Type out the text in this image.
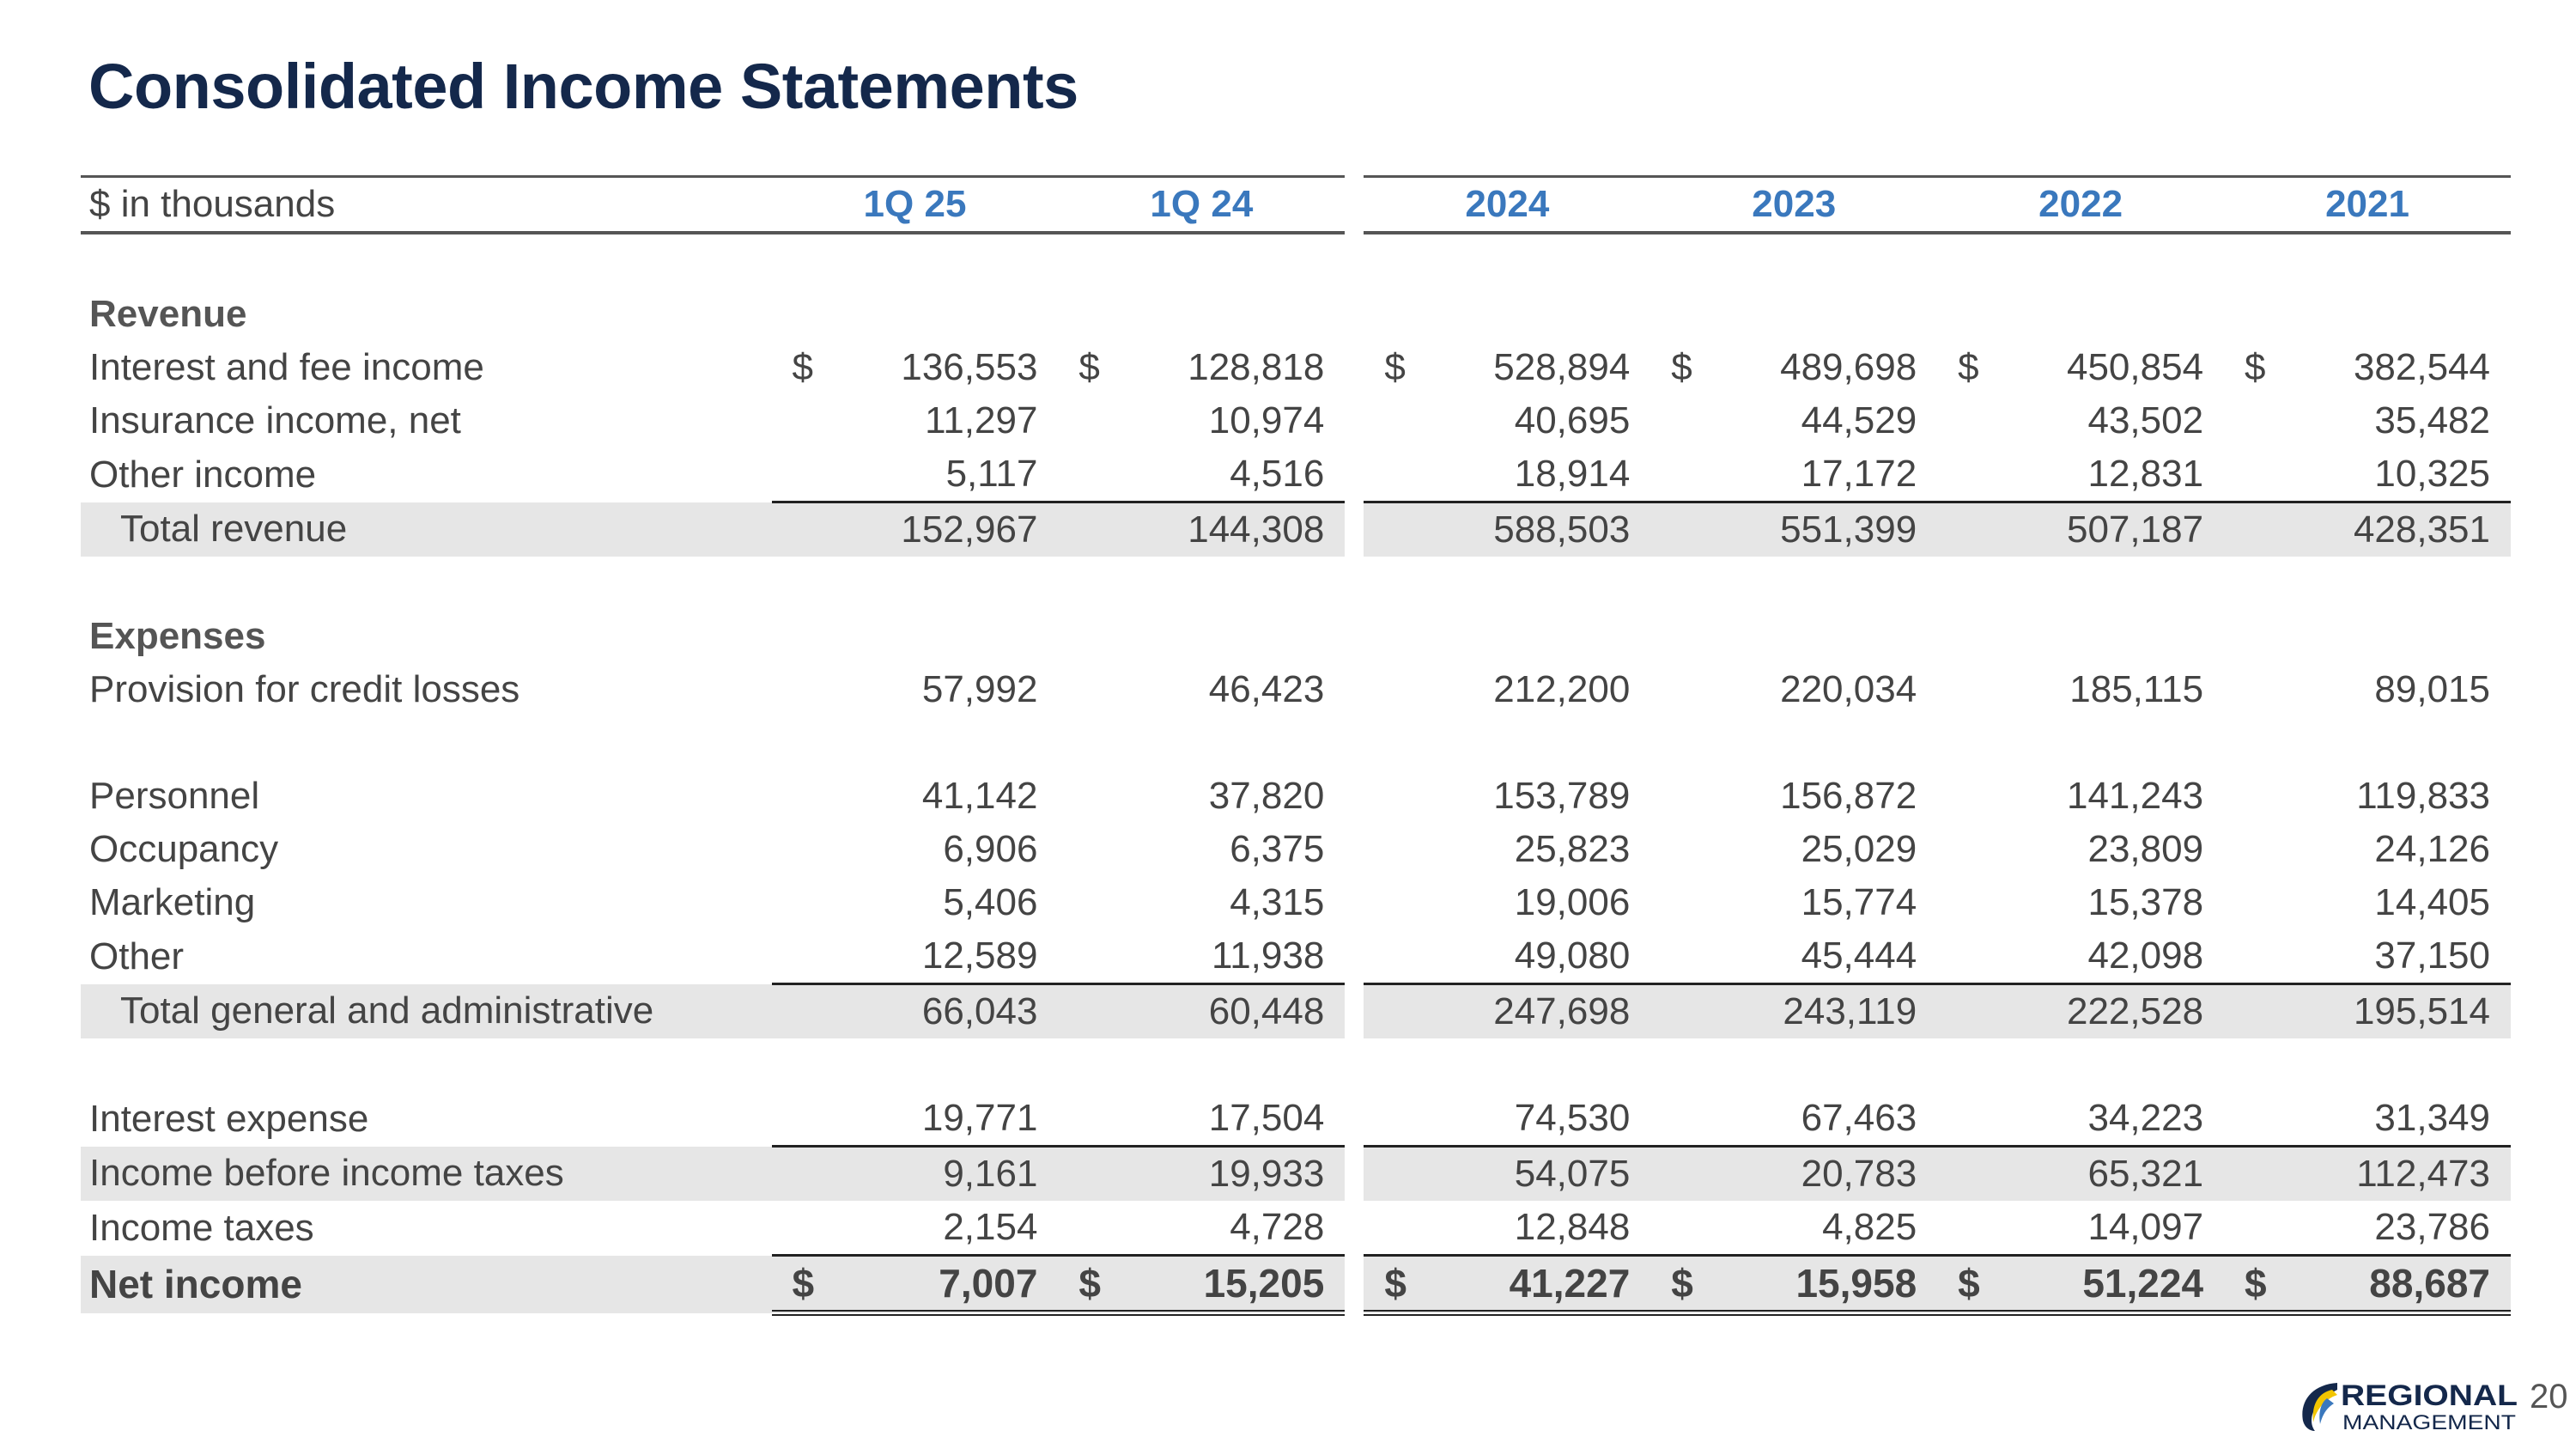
Consolidated Income Statements
$ in thousands	1Q 25	1Q 24		2024	2023	2022	2021

Revenue							
Interest and fee income	$ 136,553	$ 128,818		$ 528,894	$ 489,698	$ 450,854	$ 382,544

Insurance income, net	11,297	10,974		40,695	44,529	43,502	35,482

Other income	5,117	4,516		18,914	17,172	12,831	10,325

Total revenue	152,967	144,308		588,503	551,399	507,187	428,351

Expenses							
Provision for credit losses	57,992	46,423		212,200	220,034	185,115	89,015

Personnel	41,142	37,820		153,789	156,872	141,243	119,833

Occupancy	6,906	6,375		25,823	25,029	23,809	24,126

Marketing	5,406	4,315		19,006	15,774	15,378	14,405

Other	12,589	11,938		49,080	45,444	42,098	37,150

Total general and administrative	66,043	60,448		247,698	243,119	222,528	195,514

Interest expense	19,771	17,504		74,530	67,463	34,223	31,349

Income before income taxes	9,161	19,933		54,075	20,783	65,321	112,473

Income taxes	2,154	4,728		12,848	4,825	14,097	23,786

Net income	$ 7,007	$ 15,205		$ 41,227	$ 15,958	$ 51,224	$ 88,687
REGIONAL
MANAGEMENT
20
